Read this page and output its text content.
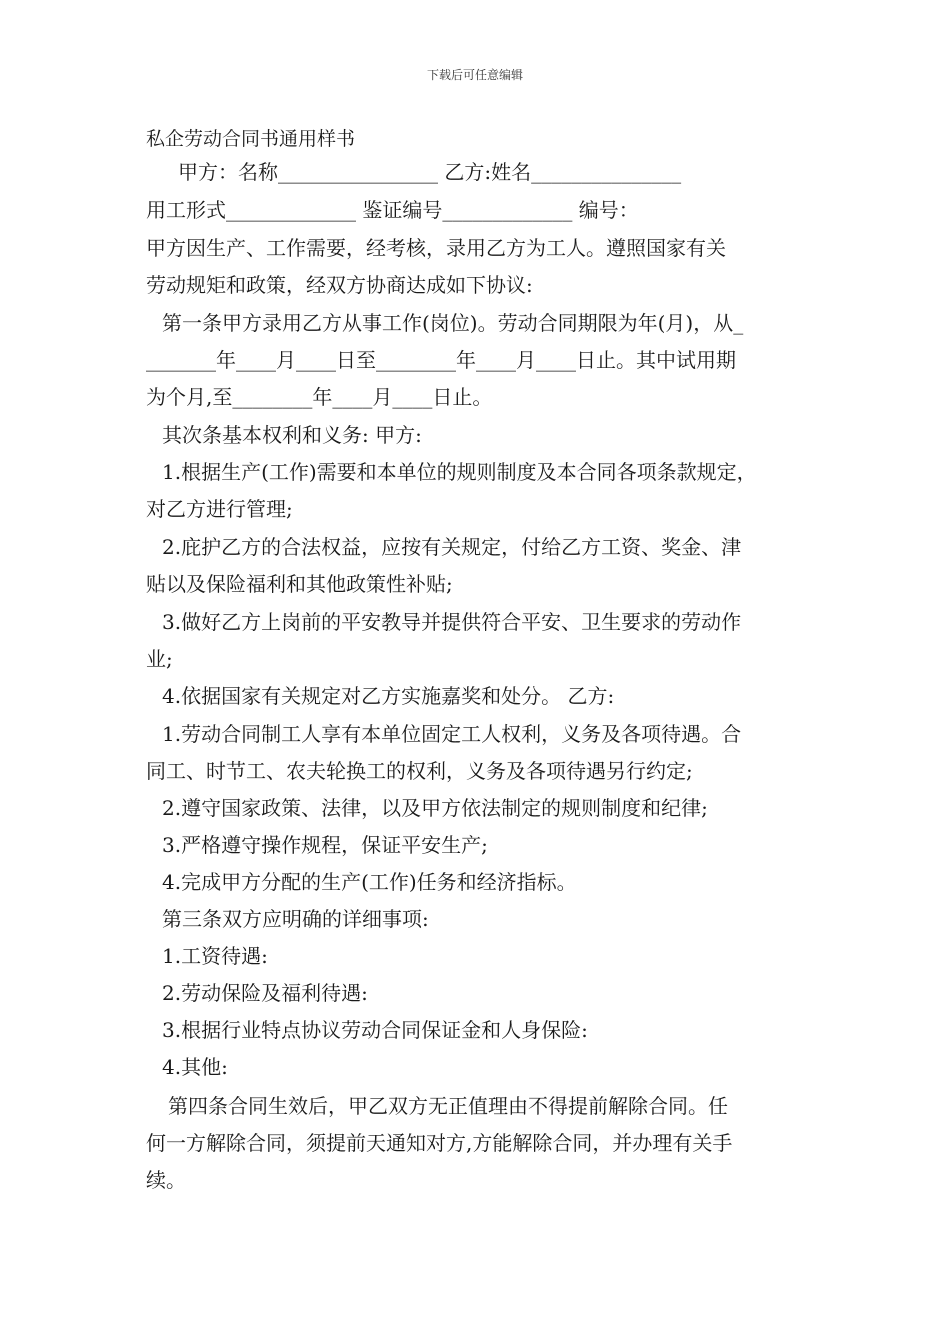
下载后可任意编辑
私企劳动合同书通用样书
甲方：名称________________ 乙方:姓名_______________
用工形式_____________ 鉴证编号_____________ 编号：
甲方因生产、工作需要，经考核，录用乙方为工人。遵照国家有关
劳动规矩和政策，经双方协商达成如下协议:
第一条甲方录用乙方从事工作(岗位)。劳动合同期限为年(月)，从_
_______年____月____日至________年____月____日止。其中试用期
为个月,至________年____月____日止。
其次条基本权利和义务: 甲方:
1.根据生产(工作)需要和本单位的规则制度及本合同各项条款规定，
对乙方进行管理;
2.庇护乙方的合法权益，应按有关规定，付给乙方工资、奖金、津
贴以及保险福利和其他政策性补贴;
3.做好乙方上岗前的平安教导并提供符合平安、卫生要求的劳动作
业;
4.依据国家有关规定对乙方实施嘉奖和处分。 乙方:
1.劳动合同制工人享有本单位固定工人权利，义务及各项待遇。合
同工、时节工、农夫轮换工的权利，义务及各项待遇另行约定;
2.遵守国家政策、法律，以及甲方依法制定的规则制度和纪律;
3.严格遵守操作规程，保证平安生产;
4.完成甲方分配的生产(工作)任务和经济指标。
第三条双方应明确的详细事项:
1.工资待遇:
2.劳动保险及福利待遇:
3.根据行业特点协议劳动合同保证金和人身保险:
4.其他:
第四条合同生效后，甲乙双方无正值理由不得提前解除合同。任
何一方解除合同，须提前天通知对方,方能解除合同，并办理有关手
续。
